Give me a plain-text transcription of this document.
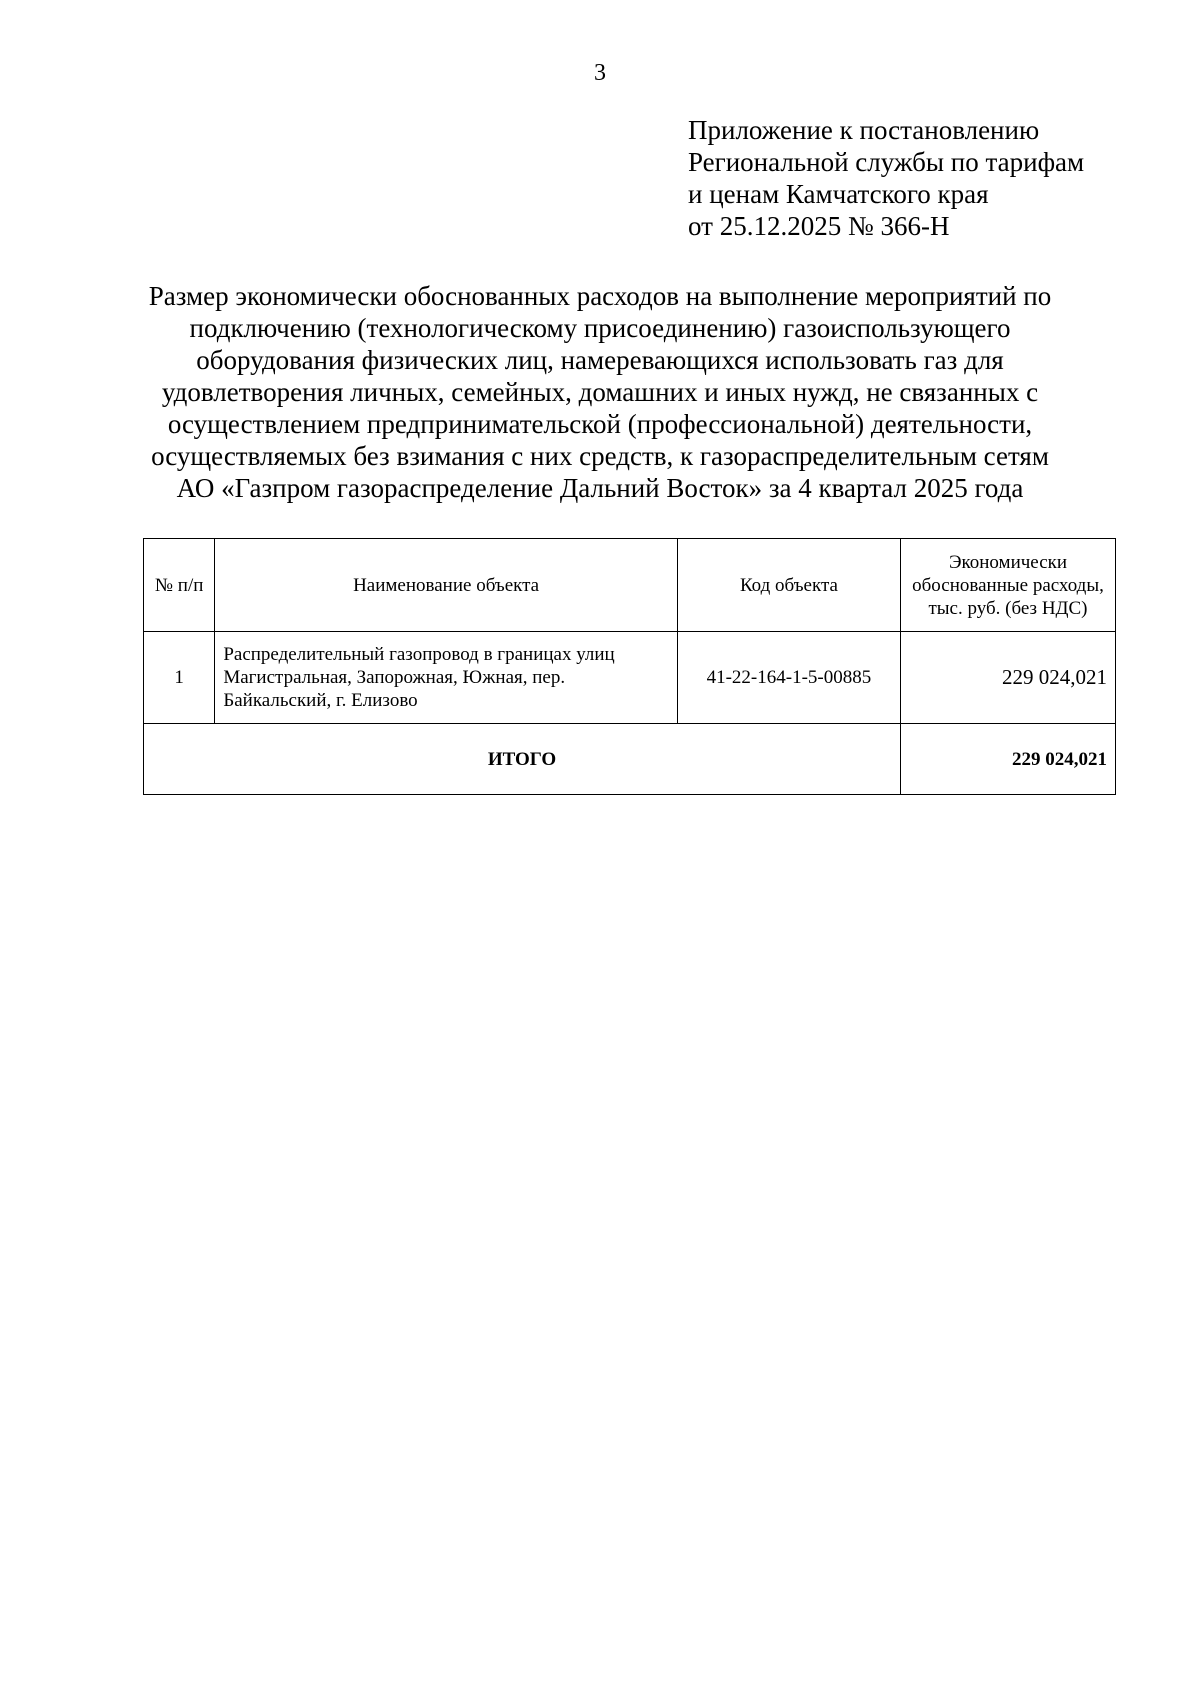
3
Приложение к постановлению
Региональной службы по тарифам
и ценам Камчатского края
от 25.12.2025 № 366-Н
Размер экономически обоснованных расходов на выполнение мероприятий по
подключению (технологическому присоединению) газоиспользующего
оборудования физических лиц, намеревающихся использовать газ для
удовлетворения личных, семейных, домашних и иных нужд, не связанных с
осуществлением предпринимательской (профессиональной) деятельности,
осуществляемых без взимания с них средств, к газораспределительным сетям
АО «Газпром газораспределение Дальний Восток» за 4 квартал 2025 года
№ п/п	Наименование объекта	Код объекта	Экономически обоснованные расходы, тыс. руб. (без НДС)
1	Распределительный газопровод в границах улиц Магистральная, Запорожная, Южная, пер. Байкальский, г. Елизово	41-22-164-1-5-00885	229 024,021
ИТОГО			229 024,021
